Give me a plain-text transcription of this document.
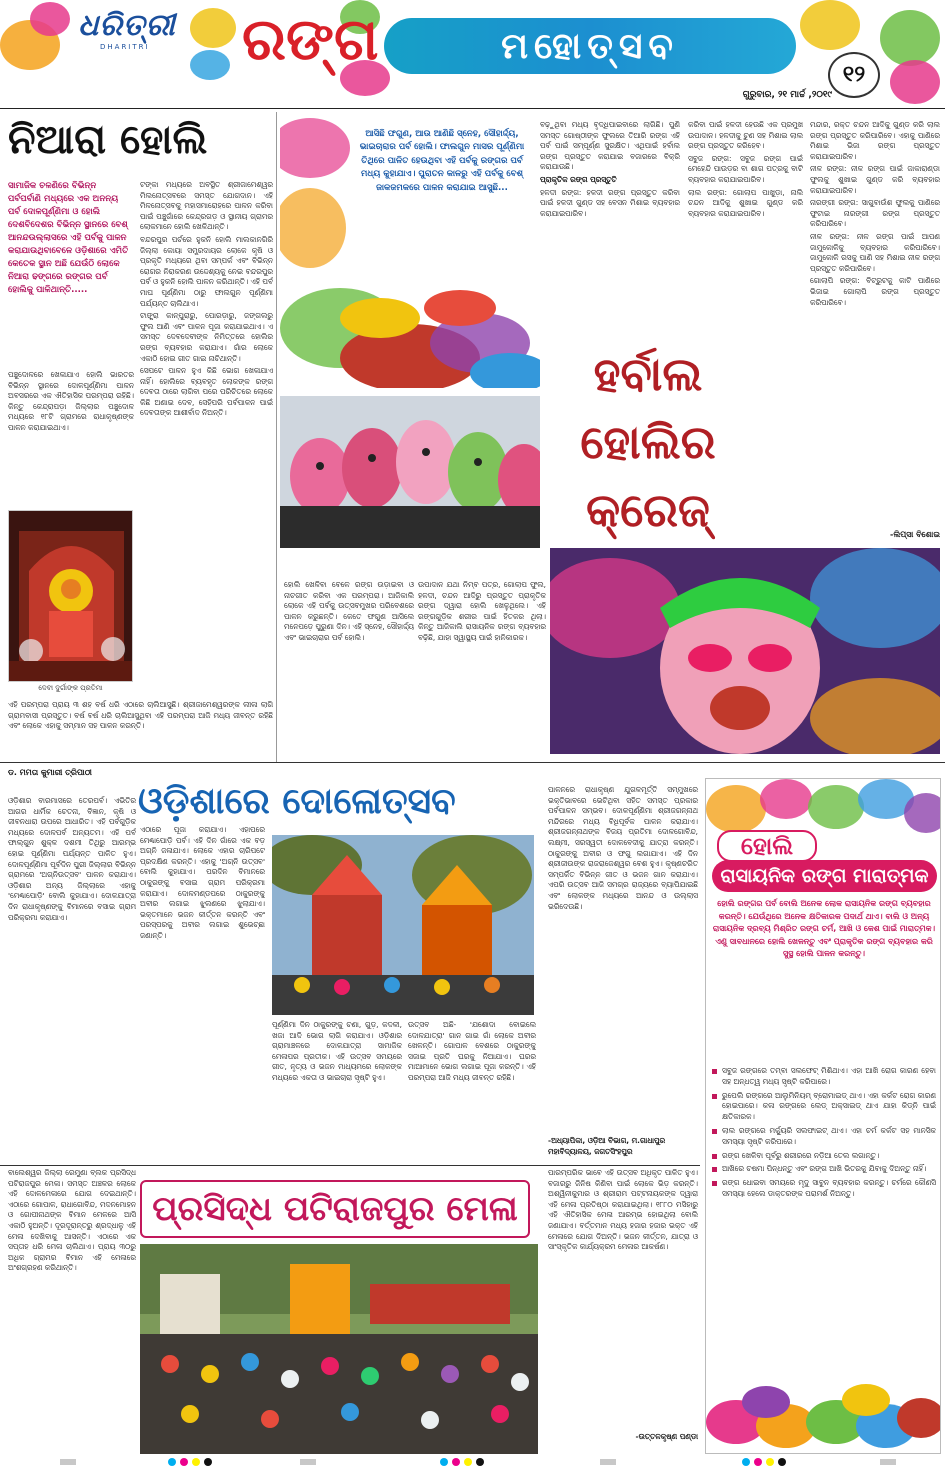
ଧରିତ୍ରୀ
DHARITRI	ରଙ୍ଗ	ମହୋତ୍ସବ
୧୨
ଗୁରୁବାର, ୨୧ ମାର୍ଚ୍ଚ ,୨୦୧୯
ନିଆରା ହୋଲି
ସାମାଜିକ ଚଳଣିରେ ବିଭିନ୍ନ ପର୍ବପର୍ବାଣି ମଧ୍ୟରେ ଏକ ଅନନ୍ୟ ପର୍ବ ଦୋଳପୂର୍ଣ୍ଣିମା ଓ ହୋଲି ଦେଶବିଦେଶର ବିଭିନ୍ନ ସ୍ଥାନରେ ବେଶ୍ ଆନନ୍ଦଉଲ୍ଲାସରେ ଏହି ପର୍ବକୁ ପାଳନ କରାଯାଉଥିବାବେଳେ ଓଡ଼ିଶାରେ ଏମିତି କେତେକ ସ୍ଥାନ ଅଛି ଯେଉଁଠି ଲୋକେ ନିଆରା ଢଙ୍ଗରେ ରଙ୍ଗର ପର୍ବ ହୋଲିକୁ ପାଳିଥାନ୍ତି.....

ଟଙ୍କା ମଧ୍ୟରେ ଅବସ୍ଥିତ ଶ୍ରୀଜାମେଶ୍ୱର ମିଲନୋତ୍ସବରେ ସମସ୍ତ ଯୋଗଦାନ। ଏହି ମିଳନୋତ୍ସବକୁ ମହାସମାରୋହରେ ପାଳନ କରିବା ପାଇଁ ପଞ୍ଚୁଗାଁରେ କେନ୍ଦ୍ରଗଡ଼ ଓ ସ୍ଥାନୀୟ ଗ୍ରାମର ଲୋକମାନେ ହୋଲି ଖେଳିଥାନ୍ତି।

ବନ୍ଦରପୁର ପର୍ଚରେ ହୁକନି ହୋଲି ମାଲକାନଗିରି ଜିଲ୍ଲା କୋୟା ସମ୍ପ୍ରଦାୟର ଲୋକେ କୃଷି ଓ ପ୍ରକୃତି ମଧ୍ୟରେ ଥିବା ସମ୍ପର୍କ ଏବଂ ବିଭିନ୍ନ ରୋଗର ନିରାକରଣ ଉଦ୍ଦେଶ୍ୟକୁ ନେଇ ବନ୍ଦରପୁର ପର୍ବ ଓ ହୁକନି ହୋଲି ପାଳନ କରିଥାନ୍ତି। ଏହି ପର୍ବ ମାଘ ପୂର୍ଣ୍ଣିମା ଠାରୁ ଫାଲଗୁନ ପୂର୍ଣ୍ଣିମା ପର୍ଯ୍ୟନ୍ତ ଚାଲିଥାଏ।

ଟାଙ୍ଗ୍ରା କାନ୍‌ପୁରାରୁ, ପୋରଡ଼ାରୁ, ଜଙ୍ଗଲରୁ ଫୁଲ ଆଣି ଏବଂ ପାଳନ ପୂଜା କରାଯାଇଥାଏ। ଏ ସମସ୍ତ ଦେବଦେବୀଙ୍କ ନିମିତ୍ତରେ ହୋଲିର ରଙ୍ଗ ବ୍ୟବହାର କରାଯାଏ। ଗାଁର ଲୋକେ ଏକାଠି ହୋଇ ଗୀତ ଗାଇ ନାଚିଥାନ୍ତି।

ସେପଟେ ପାଳନ ହୁଏ କିଛି ଭୋଗ ଖେଳାଯାଏ ନାହିଁ। ହୋଲିରେ ବ୍ୟବହୃତ ଲୋକଙ୍କ ରଙ୍ଗ ଦେବତା ଠାରେ ଲାଗିବା ପରେ ପରିଚିତରେ ଲୋକେ କିଛି ଅଣାଇ ଦେବ, ସେହିପରି ପର୍ବପାଳନ ପାଇଁ ଦେବତାଙ୍କ ଆଶୀର୍ବାଦ ନିଅନ୍ତି।

ପଞ୍ଚୁଦୋଳରେ ଖେଳାଯାଏ ହୋଲି ଭାରତର ବିଭିନ୍ନ ସ୍ଥାନରେ ଦୋଳପୂର୍ଣ୍ଣିମା ପାଳନ ଅବସରରେ ଏକ ଐତିହାସିକ ପରମ୍ପରା ରହିଛି। କିନ୍ତୁ କେନ୍ଦ୍ରାପଡ଼ା ଜିଲ୍ଲାର ପଞ୍ଚୁଦୋଳ ମଧ୍ୟରେ ୧୮ଟି ଗ୍ରାମରେ ରାଧାକୃଷ୍ଣଙ୍କ ପାଳନ କରାଯାଇଥାଏ।

ଦେବୀ ଦୁର୍ଗାଙ୍କ ପ୍ରତିମା
ଏହି ପରମ୍ପରା ପ୍ରାୟ ୩ ଶହ ବର୍ଷ ଧରି ଏଠାରେ ଚାଲିଆସୁଛି। ଶ୍ରୀଜାମେଶ୍ୱରଙ୍କ ଲୀଳା ଲାଗି ଗ୍ରାମବାସୀ ପ୍ରସ୍ତୁତ। ବର୍ଷ ବର୍ଷ ଧରି ଚାଲିଆସୁଥିବା ଏହି ପରମ୍ପରା ଆଜି ମଧ୍ୟ ଜୀବନ୍ତ ରହିଛି ଏବଂ ଲୋକେ ଏହାକୁ ସମ୍ମାନ ସହ ପାଳନ କରନ୍ତି।
ଆସିଛି ଫଗୁଣ, ଆଉ ଆଣିଛି ସ୍ନେହ, ସୌହାର୍ଦ୍ଦ୍ୟ, ଭାଇଚାରାର ପର୍ବ ହୋଲି। ଫାଲଗୁନ ମାସର ପୂର୍ଣ୍ଣିମା ତିଥିରେ ପାଳିତ ହେଉଥିବା ଏହି ପର୍ବକୁ ରଙ୍ଗର ପର୍ବ ମଧ୍ୟ କୁହାଯାଏ। ପୁରାତନ କାଳରୁ ଏହି ପର୍ବକୁ ବେଶ୍ ଜାକଜମକରେ ପାଳନ କରାଯାଇ ଆସୁଛି...
ହର୍ବାଲ
ହୋଲିର
କ୍ରେଜ୍

ବଢ଼ୁଥିବା ମଧ୍ୟ ବୃଦ୍ଧିପାଇବାରେ ଲାଗିଛି। ପୁଣି ସମସ୍ତ ଗୋଷ୍ଠୀଙ୍କ ଫୁଲରେ ତିଆରି ରଙ୍ଗ ଏହି ପର୍ବ ପାଇଁ ସମ୍ପୂର୍ଣ୍ଣ ସୁରକ୍ଷିତ। ଏଥିପାଇଁ ହର୍ବାଲ ରଙ୍ଗ ପ୍ରସ୍ତୁତ କରାଯାଇ ବଜାରରେ ବିକ୍ରି କରାଯାଉଛି।

ପ୍ରାକୃତିକ ରଙ୍ଗ ପ୍ରସ୍ତୁତି

ହଳଦୀ ରଙ୍ଗ: ହଳଦୀ ରଙ୍ଗ ପ୍ରସ୍ତୁତ କରିବା ପାଇଁ ହଳଦୀ ଗୁଣ୍ଡ ସହ ବେସନ ମିଶାଇ ବ୍ୟବହାର କରାଯାଇପାରିବ।

କରିବା ପାଇଁ ହଳଦୀ ହେଉଛି ଏକ ପ୍ରମୁଖ ଉପାଦାନ। ହଳଦୀକୁ ଚୁଣ ସହ ମିଶାଇ ଲାଲ ରଙ୍ଗ ପ୍ରସ୍ତୁତ କରିହେବ।

ସବୁଜ ରଙ୍ଗ: ସବୁଜ ରଙ୍ଗ ପାଇଁ ମେହେନ୍ଦି ପାଉଡ଼ର ବା ଶାଗ ପତ୍ରକୁ ବାଟି ବ୍ୟବହାର କରାଯାଇପାରିବ।

ଲାଲ ରଙ୍ଗ: ଗୋଲାପ ପାଖୁଡ଼ା, ନାଲି ଚନ୍ଦନ ଆଦିକୁ ଶୁଖାଇ ଗୁଣ୍ଡ କରି ବ୍ୟବହାର କରାଯାଇପାରିବ।

ମନ୍ଦାର, ରକ୍ତ ଚନ୍ଦନ ଆଦିକୁ ଗୁଣ୍ଡ କରି ଲାଲ ରଙ୍ଗ ପ୍ରସ୍ତୁତ କରିପାରିବେ। ଏହାକୁ ପାଣିରେ ମିଶାଇ ଭିଜା ରଙ୍ଗ ପ୍ରସ୍ତୁତ କରାଯାଇପାରିବ।

ନୀଳ ରଙ୍ଗ: ନୀଳ ରଙ୍ଗ ପାଇଁ ଜାକାରାଣ୍ଡା ଫୁଲକୁ ଶୁଖାଇ ଗୁଣ୍ଡ କରି ବ୍ୟବହାର କରାଯାଇପାରିବ।

ନାରଙ୍ଗୀ ରଙ୍ଗ: ସାଗୁବାଉଁଶ ଫୁଲକୁ ପାଣିରେ ଫୁଟାଇ ନାରଙ୍ଗୀ ରଙ୍ଗ ପ୍ରସ୍ତୁତ କରିପାରିବେ।

ନୀଳ ରଙ୍ଗ: ନୀଳ ରଙ୍ଗ ପାଇଁ ଆପଣ ଜାମୁକୋଳିକୁ ବ୍ୟବହାର କରିପାରିବେ। ଜାମୁକୋଳି ରସକୁ ପାଣି ସହ ମିଶାଇ ନୀଳ ରଙ୍ଗ ପ୍ରସ୍ତୁତ କରିପାରିବେ।

ଗୋଲାପି ରଙ୍ଗ: ବିଟ୍‌ରୁଟକୁ କାଟି ପାଣିରେ ଭିଜାଇ ଗୋଲାପି ରଙ୍ଗ ପ୍ରସ୍ତୁତ କରିପାରିବେ।

-ଲିପ୍ସା ବିଶୋଇ
ହୋଲି ଖେଳିବା ବେଳେ ରଙ୍ଗ ଉଡ଼ାଇବା ଓ ନାଚଗୀତ କରିବା ଏକ ପରମ୍ପରା। ଆଜିକାଲି ଲୋକେ ଏହି ପର୍ବକୁ ଉତ୍ସବମୁଖର ପରିବେଶରେ ପାଳନ କରୁଛନ୍ତି। କେତେ ଫଗୁଣ ଆସିଲେ ମନେପଡ଼େ ପୁରୁଣା ଦିନ। ଏହି ସ୍ନେହ, ସୌହାର୍ଦ୍ଦ୍ୟ ଏବଂ ଭାଇଚାରାର ପର୍ବ ହୋଲି।
ଉପାଦାନ ଯଥା ନିମ୍ବ ପତ୍ର, ଗୋଲାପ ଫୁଲ, ହଳଦୀ, ଚନ୍ଦନ ଆଦିରୁ ପ୍ରସ୍ତୁତ ପ୍ରାକୃତିକ ରଙ୍ଗ ଦ୍ୱାରା ହୋଲି ଖେଳୁଥିଲେ। ଏହି ରଙ୍ଗଗୁଡ଼ିକ ଶରୀର ପାଇଁ ହିତକର ଥିଲା। କିନ୍ତୁ ଆଜିକାଲି ରାସାୟନିକ ରଙ୍ଗ ବ୍ୟବହାର ବଢ଼ିଛି, ଯାହା ସ୍ୱାସ୍ଥ୍ୟ ପାଇଁ ହାନିକାରକ।
ଡ. ମମତା କୁମାରୀ ତ୍ରିପାଠୀ
ଓଡ଼ିଶାରେ ଦୋଳୋତ୍ସବ
ଓଡ଼ିଶାର ବାରମାସରେ ତେରପର୍ବ। ଏଭିତିର ଆଗର ଧାର୍ମିକ ଚେତନା, ବିଜ୍ଞାନ, କୃଷି ଓ ଜୀବନଧାରା ଉପରେ ଆଧାରିତ। ଏହି ପର୍ବଗୁଡ଼ିକ ମଧ୍ୟରେ ଦୋଳପର୍ବ ଅନ୍ୟତମ। ଏହି ପର୍ବ ଫାଲ୍‌ଗୁନ ଶୁକ୍ଳ ଦଶମୀ ତିଥିରୁ ଆରମ୍ଭ ହୋଇ ପୂର୍ଣ୍ଣିମା ପର୍ଯ୍ୟନ୍ତ ପାଳିତ ହୁଏ। ଦୋଳପୂର୍ଣ୍ଣିମା ପୂର୍ବଦିନ ପୁରୀ ଜିଲ୍ଲାର ବିଭିନ୍ନ ଗ୍ରାମରେ 'ଅଗ୍ନିଉତ୍ସବ' ପାଳନ କରାଯାଏ। ଓଡ଼ିଶାର ଅନ୍ୟ ଜିଲ୍ଲାରେ ଏହାକୁ 'ମେଣ୍ଢାପୋଡ଼ି' ବୋଲି କୁହାଯାଏ। ଦୋଳଯାତ୍ରା ଦିନ ରାଧାକୃଷ୍ଣଙ୍କୁ ବିମାନରେ ବସାଇ ଗ୍ରାମ ପରିକ୍ରମା କରାଯାଏ।
ଏଠାରେ ପୂଜା କରାଯାଏ। ଏହାପରେ ମେଣ୍ଢାପୋଡ଼ି ପର୍ବ। ଏହି ଦିନ ଗାଁରେ ଏକ ବଡ଼ ଅଗ୍ନି ଜଳାଯାଏ। ଲୋକେ ଏହାର ଚାରିପଟେ ପ୍ରଦକ୍ଷିଣ କରନ୍ତି। ଏହାକୁ 'ଅଗ୍ନି ଉତ୍ସବ' ବୋଲି କୁହାଯାଏ। ପରଦିନ ବିମାନରେ ଠାକୁରଙ୍କୁ ବସାଇ ଗ୍ରାମ ପରିକ୍ରମା କରାଯାଏ। ଦୋଳମଣ୍ଡପରେ ଠାକୁରଙ୍କୁ ଅବୀର ଲଗାଇ ଝୁଲଣରେ ଝୁଲାଯାଏ। ଭକ୍ତମାନେ ଭଜନ କୀର୍ତ୍ତନ କରନ୍ତି ଏବଂ ପରସ୍ପରକୁ ଅବୀର ଲଗାଇ ଶୁଭେଚ୍ଛା ଜଣାନ୍ତି।
ପୂର୍ଣ୍ଣିମା ଦିନ ଠାକୁରଙ୍କୁ ଚଣା, ଗୁଡ଼, କଦଳୀ, ଖଜା ଆଦି ଭୋଗ ଲାଗି କରାଯାଏ। ଓଡ଼ିଶାର ଗ୍ରାମାଞ୍ଚଳରେ ଦୋଳଯାତ୍ରା ସାମାଜିକ ମେଳାପର ପ୍ରତୀକ। ଏହି ଉତ୍ସବ ସମୟରେ ଗୀତ, ନୃତ୍ୟ ଓ ଭଜନ ମାଧ୍ୟମରେ ଲୋକଙ୍କ ମଧ୍ୟରେ ଏକତା ଓ ଭାଇଚାରା ସୃଷ୍ଟି ହୁଏ।
ଉତ୍ସବ ଅଛି- 'ଯଶୋଦା ବୋଇଲେ ଦୋଳଯାତ୍ରା' ଗାନ ଗାଇ ଗାଁ ଲୋକେ ଅବୀର ଖେଳନ୍ତି। ଗୋପାଳ ବେଶରେ ଠାକୁରଙ୍କୁ ସଜାଇ ପ୍ରତି ଘରକୁ ନିଆଯାଏ। ଘରର ମାଆମାନେ ଭୋଗ ଲଗାଇ ପୂଜା କରନ୍ତି। ଏହି ପରମ୍ପରା ଆଜି ମଧ୍ୟ ଜୀବନ୍ତ ରହିଛି।
ପାଳନରେ ରାଧାକୃଷ୍ଣ ଯୁଗଳମୂର୍ତ୍ତି ସମ୍ମୁଖରେ ଭକ୍ତିଭାବରେ ଭେଟିଥିବା ସହିତ ସମସ୍ତ ପ୍ରକାର ପର୍ବପାଳନ ସମ୍ଭବ। ଦୋଳପୂର୍ଣ୍ଣିମା ଶ୍ରୀଜଗନ୍ନାଥ ମନ୍ଦିରରେ ମଧ୍ୟ ବିଧିପୂର୍ବକ ପାଳନ କରାଯାଏ। ଶ୍ରୀଜଗନ୍ନାଥଙ୍କ ବିଜୟ ପ୍ରତିମା ଦୋଳଗୋବିନ୍ଦ, ଲକ୍ଷ୍ମୀ, ସରସ୍ୱତୀ ଦୋଳବେଦୀକୁ ଯାତ୍ରା କରନ୍ତି। ଠାକୁରଙ୍କୁ ଅବୀର ଓ ଫଗୁ ଲଗାଯାଏ। ଏହି ଦିନ ଶ୍ରୀଜୀଉଙ୍କ ରାଜରାଜେଶ୍ୱର ବେଶ ହୁଏ। କୃଷ୍ଣଚରିତ ସମ୍ପର୍କିତ ବିଭିନ୍ନ ଗୀତ ଓ ଭଜନ ଗାନ କରାଯାଏ। ଏପରି ଉତ୍ସବ ଆଜି ସମଗ୍ର ରାଜ୍ୟରେ ବ୍ୟାପିଯାଇଛି ଏବଂ ଲୋକଙ୍କ ମଧ୍ୟରେ ଆନନ୍ଦ ଓ ଉଲ୍ଲାସ ଭରିଦେଉଛି।
-ଅଧ୍ୟାପିକା, ଓଡ଼ିଆ ବିଭାଗ, ମ.ଗାଧାପୁର ମହାବିଦ୍ୟାଳୟ, ଜଗତସିଂହପୁର
ବାଲେଶ୍ୱର ଜିଲ୍ଲା ରେମୁଣା ବ୍ଲକ ପ୍ରସିଦ୍ଧ ପଟିରାଜପୁର ମେଳା। ସମସ୍ତ ଅଞ୍ଚଳର ଲୋକେ ଏହି ଦୋଳମେଳାରେ ଯୋଗ ଦେଇଥାନ୍ତି। ଏଠାରେ ଗୋପାଳ, ରାଧାଗୋବିନ୍ଦ, ମଦନମୋହନ ଓ ଗୋପୀନାଥଙ୍କ ବିମାନ ମେଳରେ ଆସି ଏକାଠି ହୁଅନ୍ତି। ଦୂରଦୂରାନ୍ତରୁ ଶ୍ରଦ୍ଧାଳୁ ଏହି ମେଳା ଦେଖିବାକୁ ଆସନ୍ତି। ଏଠାରେ ଏକ ସପ୍ତାହ ଧରି ମେଳା ଚାଲିଥାଏ। ପ୍ରାୟ ୩୦ରୁ ଅଧିକ ଗ୍ରାମର ବିମାନ ଏହି ମେଳାରେ ଅଂଶଗ୍ରହଣ କରିଥାନ୍ତି।
ପ୍ରସିଦ୍ଧ ପଟିରାଜପୁର ମେଳା
ପାରମ୍ପରିକ ଭାବେ ଏହି ଉତ୍ସବ ଅଧିକୃତ ପାଳିତ ହୁଏ। ବଜାରରୁ ଜିନିଷ କିଣିବା ପାଇଁ ଲୋକେ ଭିଡ଼ କରନ୍ତି। ଅଶ୍ୱିନୀକୁମାର ଓ ଶ୍ରୀରାମ ପଟ୍ଟନାୟକଙ୍କ ଦ୍ୱାରା ଏହି ମେଳା ପ୍ରତିଷ୍ଠା କରାଯାଇଥିଲା। ୧୮୮୦ ମସିହାରୁ ଏହି ଐତିହାସିକ ମେଳା ଆରମ୍ଭ ହୋଇଥିଲା ବୋଲି ଜଣାଯାଏ। ବର୍ତ୍ତମାନ ମଧ୍ୟ ହଜାର ହଜାର ଭକ୍ତ ଏହି ମେଳାରେ ଯୋଗ ଦିଅନ୍ତି। ଭଜନ କୀର୍ତ୍ତନ, ଯାତ୍ରା ଓ ସାଂସ୍କୃତିକ କାର୍ଯ୍ୟକ୍ରମ ମେଳାର ଆକର୍ଷଣ।
-ଉତ୍ତଳକୃଷ୍ଣ ପଣ୍ଡା
ହୋଲି
ରାସାୟନିକ ରଙ୍ଗ ମାରାତ୍ମକ
ହୋଲି ରଙ୍ଗର ପର୍ବ ବୋଲି ଅନେକ ଲୋକ ରାସାୟନିକ ରଙ୍ଗ ବ୍ୟବହାର କରନ୍ତି। ଯେଉଁଥିରେ ଅନେକ କ୍ଷତିକାରକ ପଦାର୍ଥ ଥାଏ। ବାଲି ଓ ଅନ୍ୟ ରାସାୟନିକ ଦ୍ରବ୍ୟ ମିଶ୍ରିତ ରଙ୍ଗ ଚର୍ମ, ଆଖି ଓ କେଶ ପାଇଁ ମାରାତ୍ମକ। ଏଣୁ ସାବଧାନରେ ହୋଲି ଖେଳନ୍ତୁ ଏବଂ ପ୍ରାକୃତିକ ରଙ୍ଗ ବ୍ୟବହାର କରି ସୁସ୍ଥ ହୋଲି ପାଳନ କରନ୍ତୁ।
ସବୁଜ ରଙ୍ଗରେ ତମ୍ବା ସଲଫେଟ୍ ମିଶିଥାଏ। ଏହା ଆଖି ରୋଗ କାରଣ ହେବା ସହ ଅନ୍ଧତ୍ୱ ମଧ୍ୟ ସୃଷ୍ଟି କରିପାରେ।
ରୁପେଲି ରଙ୍ଗରେ ଆଲୁମିନିୟମ୍ ବ୍ରୋମାଇଡ୍ ଥାଏ। ଏହା କର୍କଟ ରୋଗ କାରଣ ହୋଇପାରେ। କଳା ରଙ୍ଗରେ ଲେଡ୍ ଅକ୍ସାଇଡ୍ ଥାଏ ଯାହା କିଡ୍‌ନି ପାଇଁ କ୍ଷତିକାରକ।
ଲାଲ ରଙ୍ଗରେ ମର୍କ୍ୟୁରି ସଲଫାଇଟ୍ ଥାଏ। ଏହା ଚର୍ମ କର୍କଟ ସହ ମାନସିକ ସମସ୍ୟା ସୃଷ୍ଟି କରିପାରେ।
ରଙ୍ଗ ଖେଳିବା ପୂର୍ବରୁ ଶରୀରରେ ନଡ଼ିଆ ତେଲ ଲଗାନ୍ତୁ।
ଆଖିରେ ଚଷମା ପିନ୍ଧନ୍ତୁ ଏବଂ ରଙ୍ଗ ଆଖି ଭିତରକୁ ଯିବାକୁ ଦିଅନ୍ତୁ ନାହିଁ।
ରଙ୍ଗ ଧୋଇବା ସମୟରେ ମୃଦୁ ସାବୁନ ବ୍ୟବହାର କରନ୍ତୁ। ଚର୍ମରେ କୌଣସି ସମସ୍ୟା ହେଲେ ଡାକ୍ତରଙ୍କ ପରାମର୍ଶ ନିଅନ୍ତୁ।
